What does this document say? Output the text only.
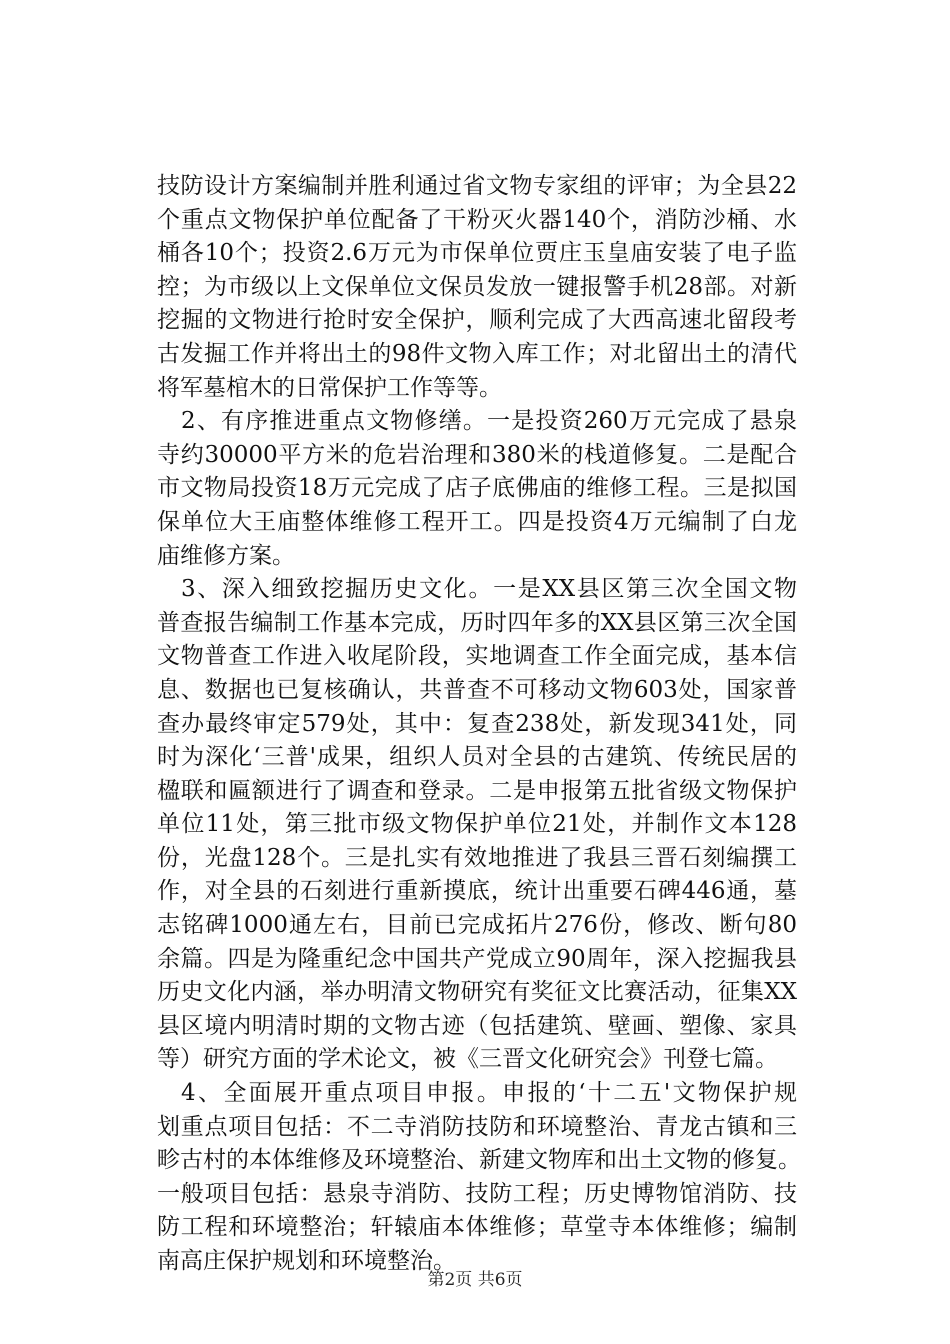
技防设计方案编制并胜利通过省文物专家组的评审；为全县22
个重点文物保护单位配备了干粉灭火器140个，消防沙桶、水
桶各10个；投资2.6万元为市保单位贾庄玉皇庙安装了电子监
控；为市级以上文保单位文保员发放一键报警手机28部。对新
挖掘的文物进行抢时安全保护，顺利完成了大西高速北留段考
古发掘工作并将出土的98件文物入库工作；对北留出土的清代
将军墓棺木的日常保护工作等等。
2、有序推进重点文物修缮。一是投资260万元完成了悬泉
寺约30000平方米的危岩治理和380米的栈道修复。二是配合
市文物局投资18万元完成了店子底佛庙的维修工程。三是拟国
保单位大王庙整体维修工程开工。四是投资4万元编制了白龙
庙维修方案。
3、深入细致挖掘历史文化。一是XX县区第三次全国文物
普查报告编制工作基本完成，历时四年多的XX县区第三次全国
文物普查工作进入收尾阶段，实地调查工作全面完成，基本信
息、数据也已复核确认，共普查不可移动文物603处，国家普
查办最终审定579处，其中：复查238处，新发现341处，同
时为深化‘三普'成果，组织人员对全县的古建筑、传统民居的
楹联和匾额进行了调查和登录。二是申报第五批省级文物保护
单位11处，第三批市级文物保护单位21处，并制作文本128
份，光盘128个。三是扎实有效地推进了我县三晋石刻编撰工
作，对全县的石刻进行重新摸底，统计出重要石碑446通，墓
志铭碑1000通左右，目前已完成拓片276份，修改、断句80
余篇。四是为隆重纪念中国共产党成立90周年，深入挖掘我县
历史文化内涵，举办明清文物研究有奖征文比赛活动，征集XX
县区境内明清时期的文物古迹（包括建筑、壁画、塑像、家具
等）研究方面的学术论文，被《三晋文化研究会》刊登七篇。
4、全面展开重点项目申报。申报的‘十二五'文物保护规
划重点项目包括：不二寺消防技防和环境整治、青龙古镇和三
畛古村的本体维修及环境整治、新建文物库和出土文物的修复。
一般项目包括：悬泉寺消防、技防工程；历史博物馆消防、技
防工程和环境整治；轩辕庙本体维修；草堂寺本体维修；编制
南高庄保护规划和环境整治。
第2页 共6页
